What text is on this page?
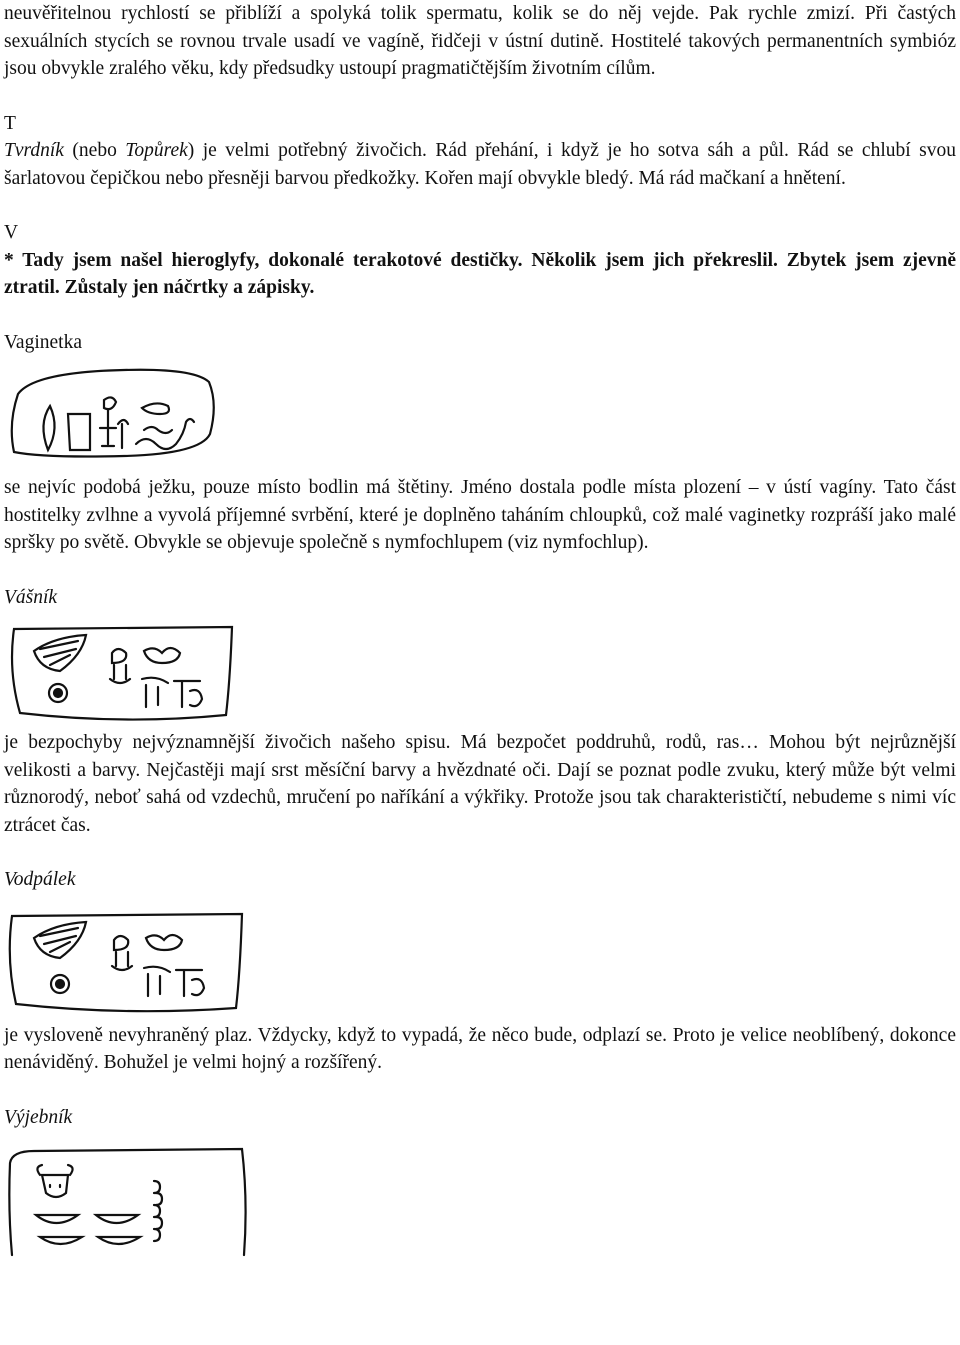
neuvěřitelnou rychlostí se přiblíží a spolyká tolik spermatu, kolik se do něj vejde. Pak rychle zmizí. Při častých sexuálních stycích se rovnou trvale usadí ve vagíně, řidčeji v ústní dutině. Hostitelé takových permanentních symbióz jsou obvykle zralého věku, kdy předsudky ustoupí pragmatičtějším životním cílům.

T

Tvrdník (nebo Topůrek) je velmi potřebný živočich. Rád přehání, i když je ho sotva sáh a půl. Rád se chlubí svou šarlatovou čepičkou nebo přesněji barvou předkožky. Kořen mají obvykle bledý. Má rád mačkaní a hnětení.

V

* Tady jsem našel hieroglyfy, dokonalé terakotové destičky. Několik jsem jich překreslil. Zbytek jsem zjevně ztratil. Zůstaly jen náčrtky a zápisky.

Vaginetka

se nejvíc podobá ježku, pouze místo bodlin má štětiny. Jméno dostala podle místa plození – v ústí vagíny. Tato část hostitelky zvlhne a vyvolá příjemné svrbění, které je doplněno taháním chloupků, což malé vaginetky rozpráší jako malé spršky po světě. Obvykle se objevuje společně s nymfochlupem (viz nymfochlup).

Vášník

je bezpochyby nejvýznamnější živočich našeho spisu. Má bezpočet poddruhů, rodů, ras… Mohou být nejrůznější velikosti a barvy. Nejčastěji mají srst měsíční barvy a hvězdnaté oči. Dají se poznat podle zvuku, který může být velmi různorodý, neboť sahá od vzdechů, mručení po naříkání a výkřiky. Protože jsou tak charakterističtí, nebudeme s nimi víc ztrácet čas.

Vodpálek

je vysloveně nevyhraněný plaz. Vždycky, když to vypadá, že něco bude, odplazí se. Proto je velice neoblíbený, dokonce nenáviděný. Bohužel je velmi hojný a rozšířený.

Výjebník
